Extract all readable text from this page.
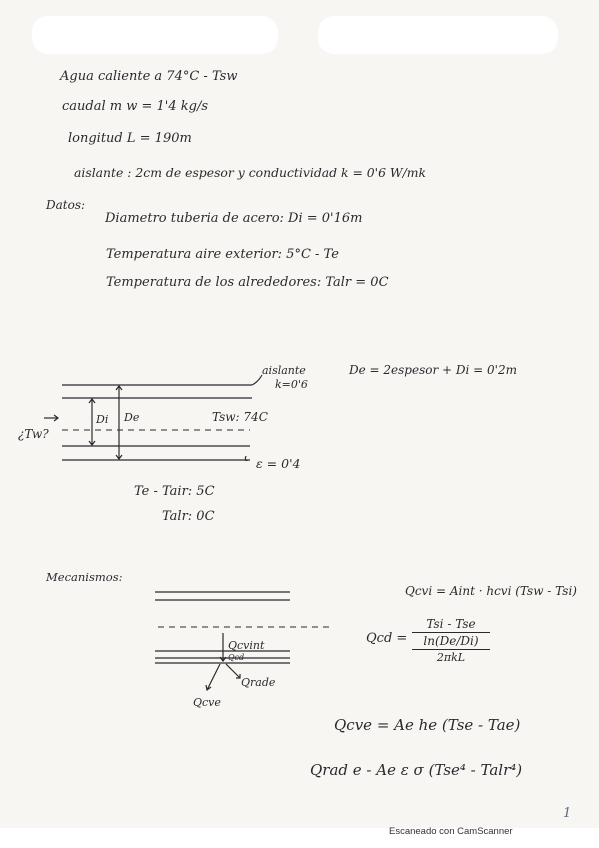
Agua caliente a 74°C - Tsw
caudal m w = 1'4 kg/s
longitud L = 190m
aislante : 2cm de espesor y conductividad k = 0'6 W/mk
Datos:
Diametro tuberia de acero: Di = 0'16m
Temperatura aire exterior: 5°C - Te
Temperatura de los alrededores: Talr = 0C
aislante
k=0'6
De = 2espesor + Di = 0'2m
Di De	Tsw: 74C
¿Tw?
ε = 0'4
Te - Tair: 5C
Talr: 0C
Mecanismos:
Qcvint
Qcd
Qrade
Qcve
Qcvi = Aint · hcvi (Tsw - Tsi)
Qcd =
Tsi - Tse
ln(De/Di)
2πkL
Qcve = Ae he (Tse - Tae)
Qrad e - Ae ε σ (Tse⁴ - Talr⁴)
1
Escaneado con CamScanner
